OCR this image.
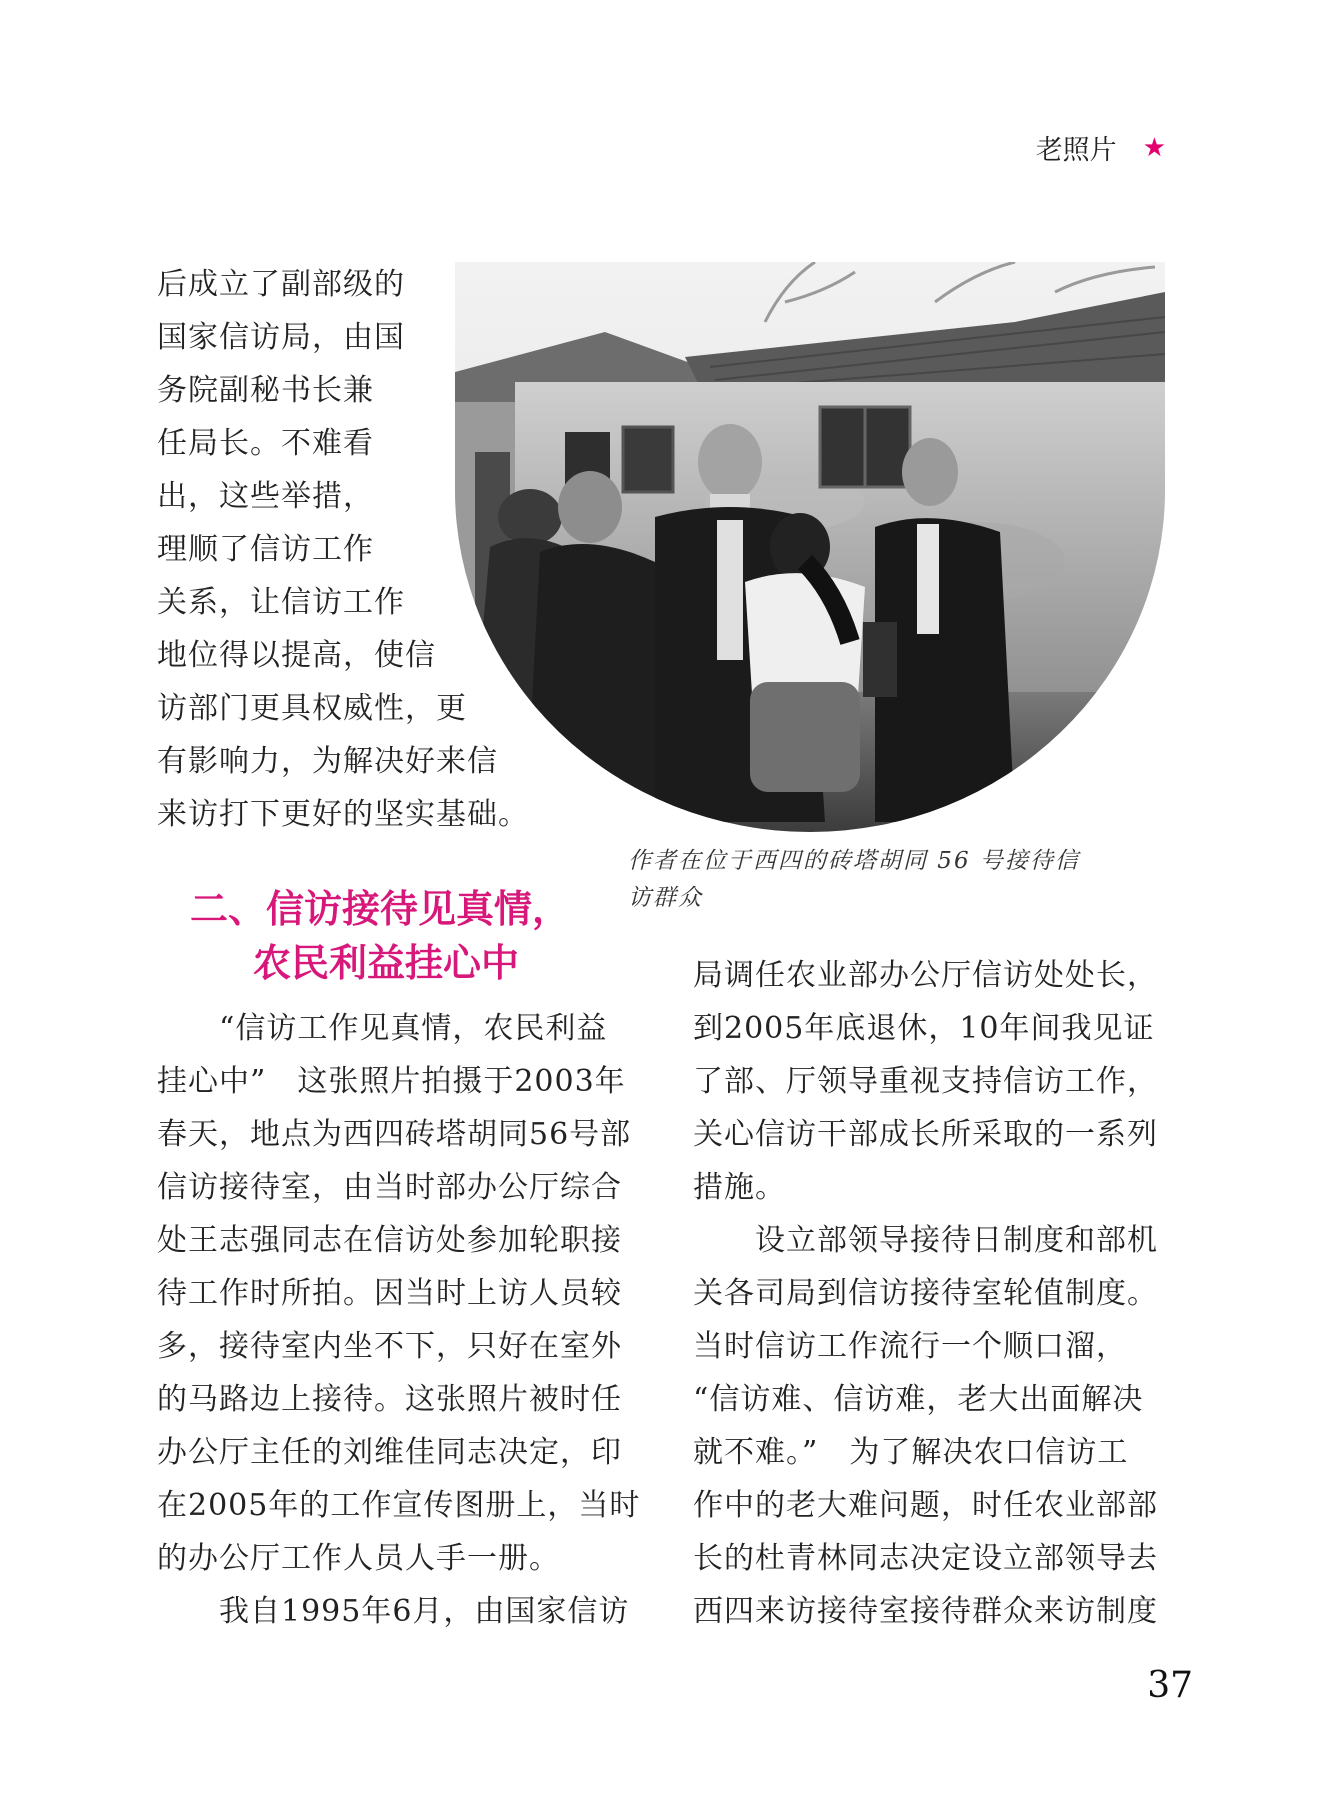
老照片 ★
后成立了副部级的
国家信访局，由国
务院副秘书长兼
任局长。不难看
出，这些举措，
理顺了信访工作
关系，让信访工作
地位得以提高，使信
访部门更具权威性，更
有影响力，为解决好来信
来访打下更好的坚实基础。
作者在位于西四的砖塔胡同 56 号接待信
访群众
二、信访接待见真情，
农民利益挂心中
　　“信访工作见真情，农民利益
挂心中”　这张照片拍摄于2003年
春天，地点为西四砖塔胡同56号部
信访接待室，由当时部办公厅综合
处王志强同志在信访处参加轮职接
待工作时所拍。因当时上访人员较
多，接待室内坐不下，只好在室外
的马路边上接待。这张照片被时任
办公厅主任的刘维佳同志决定，印
在2005年的工作宣传图册上，当时
的办公厅工作人员人手一册。
　　我自1995年6月，由国家信访
局调任农业部办公厅信访处处长，
到2005年底退休，10年间我见证
了部、厅领导重视支持信访工作，
关心信访干部成长所采取的一系列
措施。
　　设立部领导接待日制度和部机
关各司局到信访接待室轮值制度。
当时信访工作流行一个顺口溜，
“信访难、信访难，老大出面解决
就不难。”　为了解决农口信访工
作中的老大难问题，时任农业部部
长的杜青林同志决定设立部领导去
西四来访接待室接待群众来访制度
37
